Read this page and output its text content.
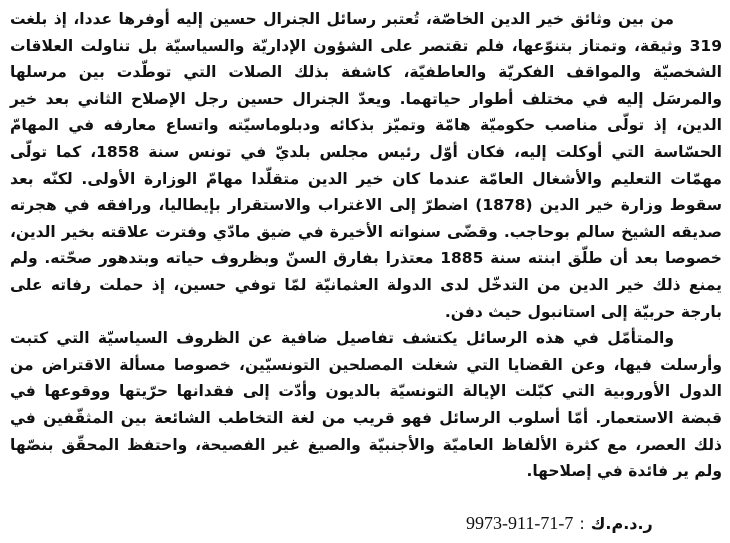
من بين وثائق خير الدين الخاصّة، تُعتبر رسائل الجنرال حسين إليه أوفرها عددا، إذ بلغت 319 وثيقة، وتمتاز بتنوّعها، فلم تقتصر على الشؤون الإداريّة والسياسيّة بل تناولت العلاقات الشخصيّة والمواقف الفكريّة والعاطفيّة، كاشفة بذلك الصلات التي توطّدت بين مرسلها والمرسَل إليه في مختلف أطوار حياتهما. ويعدّ الجنرال حسين رجل الإصلاح الثاني بعد خير الدين، إذ تولّى مناصب حكوميّة هامّة وتميّز بذكائه ودبلوماسيّته واتساع معارفه في المهامّ الحسّاسة التي أوكلت إليه، فكان أوّل رئيس مجلس بلديّ في تونس سنة 1858، كما تولّى مهمّات التعليم والأشغال العامّة عندما كان خير الدين متقلّدا مهامّ الوزارة الأولى. لكنّه بعد سقوط وزارة خير الدين (1878) اضطرّ إلى الاغتراب والاستقرار بإيطاليا، ورافقه في هجرته صديقه الشيخ سالم بوحاجب. وقضّى سنواته الأخيرة في ضيق مادّي وفترت علاقته بخير الدين، خصوصا بعد أن طلّق ابنته سنة 1885 معتذرا بفارق السنّ وبظروف حياته وبتدهور صحّته. ولم يمنع ذلك خير الدين من التدخّل لدى الدولة العثمانيّة لمّا توفي حسين، إذ حملت رفاته على بارجة حربيّة إلى استانبول حيث دفن.

والمتأمّل في هذه الرسائل يكتشف تفاصيل ضافية عن الظروف السياسيّة التي كتبت وأرسلت فيها، وعن القضايا التي شغلت المصلحين التونسيّين، خصوصا مسألة الاقتراض من الدول الأوروبية التي كبّلت الإيالة التونسيّة بالديون وأدّت إلى فقدانها حرّيتها ووقوعها في قبضة الاستعمار. أمّا أسلوب الرسائل فهو قريب من لغة التخاطب الشائعة بين المثقّفين في ذلك العصر، مع كثرة الألفاظ العاميّة والأجنبيّة والصيغ غير الفصيحة، واحتفظ المحقّق بنصّها ولم ير فائدة في إصلاحها.

ر.د.م.ك:9973-911-71-7
